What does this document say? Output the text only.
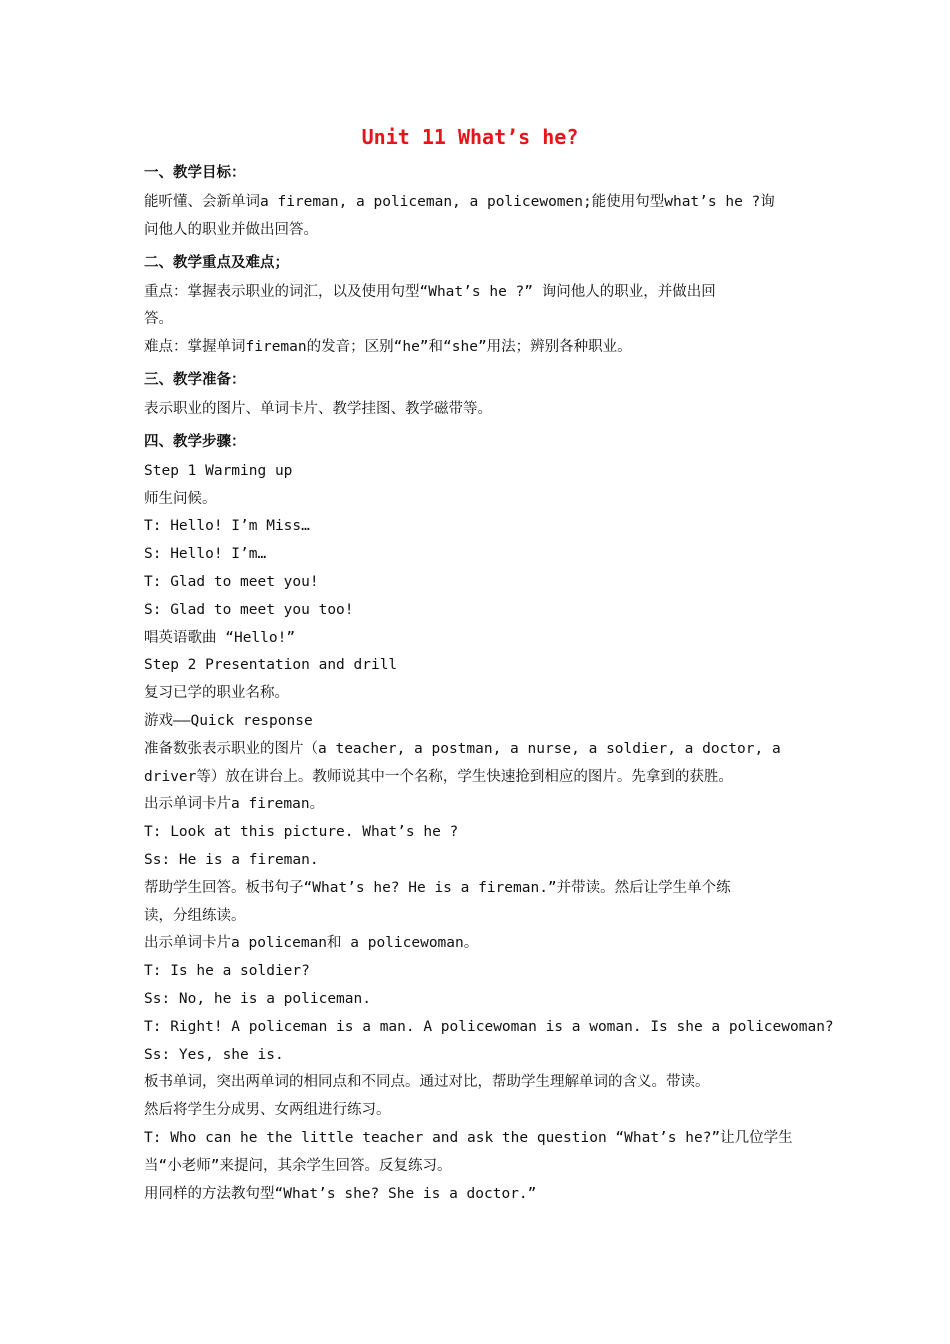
Unit 11 What’s he?
一、教学目标：
能听懂、会新单词a fireman, a policeman, a policewomen;能使用句型what’s he ?询
问他人的职业并做出回答。
二、教学重点及难点；
重点：掌握表示职业的词汇，以及使用句型“What’s he ?” 询问他人的职业，并做出回
答。
难点：掌握单词fireman的发音；区别“he”和“she”用法；辨别各种职业。
三、教学准备：
表示职业的图片、单词卡片、教学挂图、教学磁带等。
四、教学步骤：
Step 1 Warming up
师生问候。
T: Hello! I’m Miss…
S: Hello! I’m…
T: Glad to meet you!
S: Glad to meet you too!
唱英语歌曲 “Hello!”
Step 2 Presentation and drill
复习已学的职业名称。
游戏——Quick response
准备数张表示职业的图片（a teacher, a postman, a nurse, a soldier, a doctor, a
driver等）放在讲台上。教师说其中一个名称，学生快速抢到相应的图片。先拿到的获胜。
出示单词卡片a fireman。
T: Look at this picture. What’s he ?
Ss: He is a fireman.
帮助学生回答。板书句子“What’s he? He is a fireman.”并带读。然后让学生单个练
读，分组练读。
出示单词卡片a policeman和 a policewoman。
T: Is he a soldier?
Ss: No, he is a policeman.
T: Right! A policeman is a man. A policewoman is a woman. Is she a policewoman?
Ss: Yes, she is.
板书单词，突出两单词的相同点和不同点。通过对比，帮助学生理解单词的含义。带读。
然后将学生分成男、女两组进行练习。
T: Who can he the little teacher and ask the question “What’s he?”让几位学生
当“小老师”来提问，其余学生回答。反复练习。
用同样的方法教句型“What’s she? She is a doctor.”
